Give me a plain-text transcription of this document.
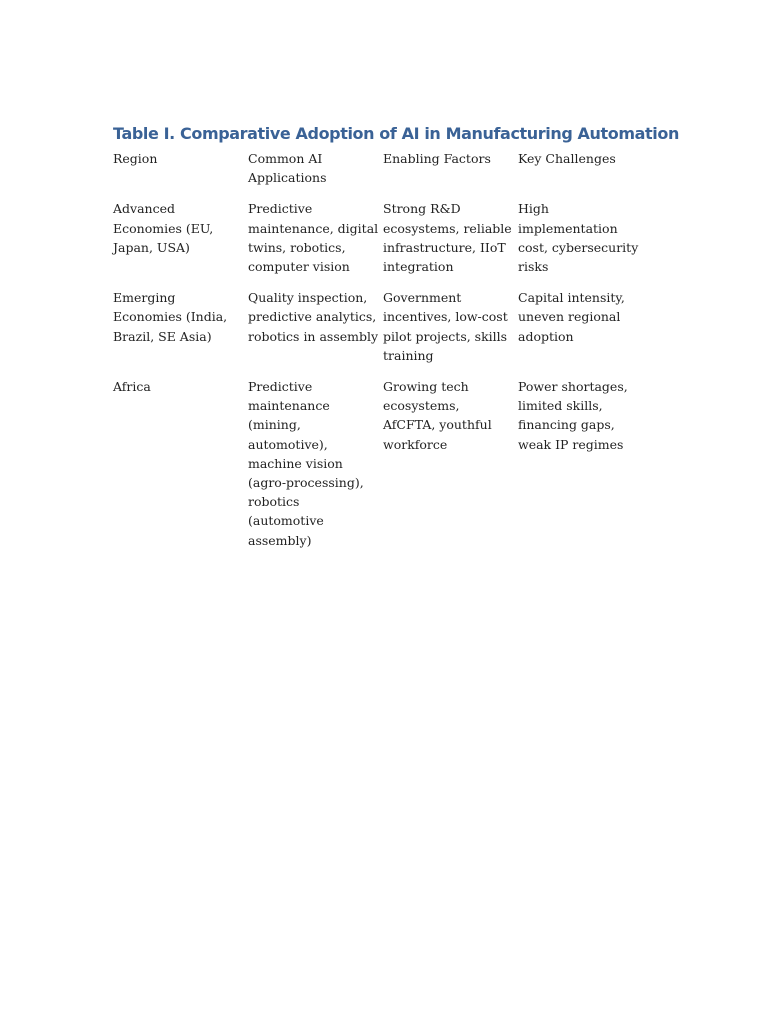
Table I. Comparative Adoption of AI in Manufacturing Automation
Region	Common AI Applications	Enabling Factors	Key Challenges
Advanced Economies (EU, Japan, USA)	Predictive maintenance, digital twins, robotics, computer vision	Strong R&D ecosystems, reliable infrastructure, IIoT integration	High implementation cost, cybersecurity risks
Emerging Economies (India, Brazil, SE Asia)	Quality inspection, predictive analytics, robotics in assembly	Government incentives, low-cost pilot projects, skills training	Capital intensity, uneven regional adoption
Africa	Predictive maintenance (mining, automotive), machine vision (agro-processing), robotics (automotive assembly)	Growing tech ecosystems, AfCFTA, youthful workforce	Power shortages, limited skills, financing gaps, weak IP regimes
